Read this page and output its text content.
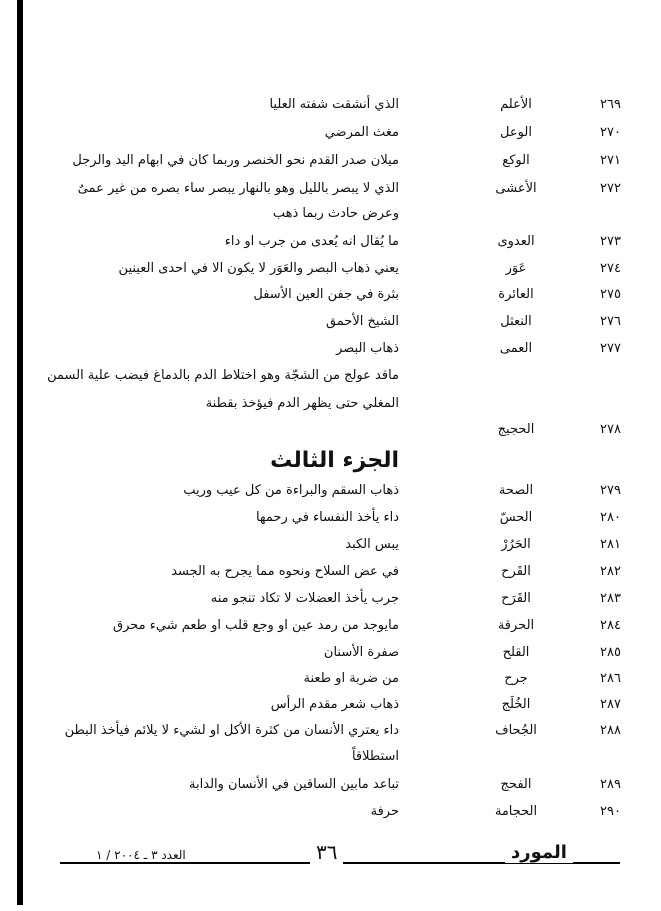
٢٦٩
الأعلم
الذي أنشقت شفته العليا
٢٧٠
الوعل
مغث المرضي
٢٧١
الوكع
ميلان صدر القدم نحو الخنصر وربما كان في ابهام اليد والرجل
٢٧٢
الأعشى
الذي لا يبصر بالليل وهو بالنهار يبصر ساء بصره من غير عمىٌ
وعرض حادث ربما ذهب
٢٧٣
العدوى
ما يُقال انه يُعدى من جرب او داء
٢٧٤
عَوَر
يعني ذهاب البصر والعَوَر لا يكون الا في احدى العينين
٢٧٥
العائرة
بثرة في جفن العين الأسفل
٢٧٦
النعثل
الشيخ الأحمق
٢٧٧
العمى
ذهاب البصر
ماقد عولج من الشجّة وهو اختلاط الدم بالدماغ فيضب علية السمن
المغلي حتى يظهر الدم فيؤخذ بقطنة
٢٧٨
الحجيج
الجزء الثالث
٢٧٩
الصحة
ذهاب السقم والبراءة من كل عيب وريب
٢٨٠
الحسّ
داء يأخذ النفساء في رحمها
٢٨١
الحَرُرْ
يبس الكبد
٢٨٢
القَرح
في عض السلاح ونحوه مما يجرح به الجسد
٢٨٣
القَرَح
جرب يأخذ العضلات لا تكاد تنجو منه
٢٨٤
الحرقة
مايوجد من رمد عين او وجع قلب او طعم شيء محرق
٢٨٥
القلح
صفرة الأسنان
٢٨٦
جرح
من ضربة او طعنة
٢٨٧
الخُلَج
ذهاب شعر مقدم الرأس
٢٨٨
الجُحاف
داء يعتري الأنسان من كثرة الأكل او لشيء لا يلائم فيأخذ البطن
استطلاقاً
٢٨٩
الفحج
تباعد مابين الساقين في الأنسان والدابة
٢٩٠
الحجامة
حرفة
العدد ٣ ـ ٢٠٠٤ / ١	٣٦	المورد
